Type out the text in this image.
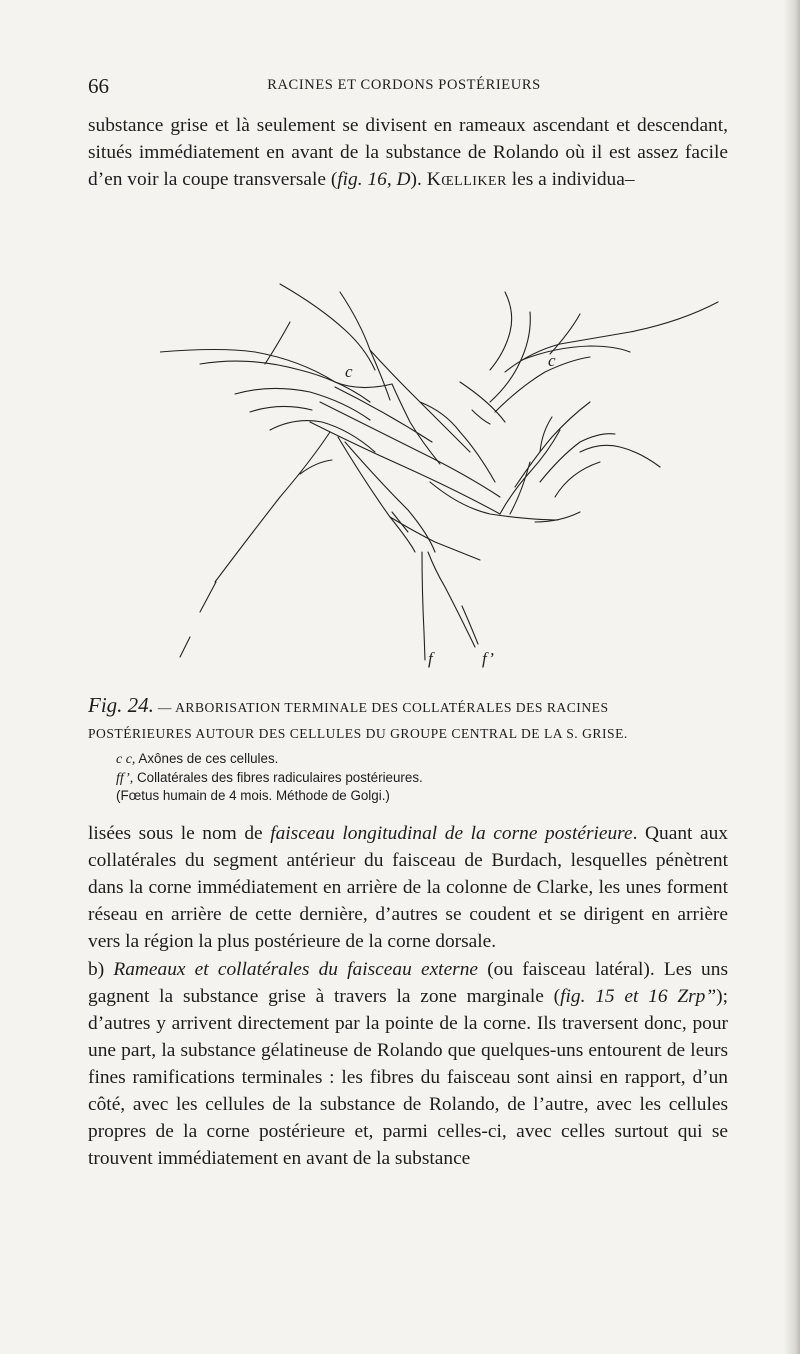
66	RACINES ET CORDONS POSTÉRIEURS

substance grise et là seulement se divisent en rameaux ascendant et descendant, situés immédiatement en avant de la substance de Rolando où il est assez facile d’en voir la coupe transversale (fig. 16, D). Kœlliker les a individua–

c
c
f	f’

Fig. 24. — ARBORISATION TERMINALE DES COLLATÉRALES DES RACINES
POSTÉRIEURES AUTOUR DES CELLULES DU GROUPE CENTRAL DE LA S. GRISE.

c c, Axônes de ces cellules.
ff’, Collatérales des fibres radiculaires postérieures.
(Fœtus humain de 4 mois. Méthode de Golgi.)

lisées sous le nom de faisceau longitudinal de la corne postérieure. Quant aux collatérales du segment antérieur du faisceau de Burdach, lesquelles pénètrent dans la corne immédiatement en arrière de la colonne de Clarke, les unes forment réseau en arrière de cette dernière, d’autres se coudent et se dirigent en arrière vers la région la plus postérieure de la corne dorsale.

b) Rameaux et collatérales du faisceau externe (ou faisceau latéral). Les uns gagnent la substance grise à travers la zone marginale (fig. 15 et 16 Zrp”); d’autres y arrivent directement par la pointe de la corne. Ils traversent donc, pour une part, la substance gélatineuse de Rolando que quelques-uns entourent de leurs fines ramifications terminales : les fibres du faisceau sont ainsi en rapport, d’un côté, avec les cellules de la substance de Rolando, de l’autre, avec les cellules propres de la corne postérieure et, parmi celles-ci, avec celles surtout qui se trouvent immédiatement en avant de la substance
